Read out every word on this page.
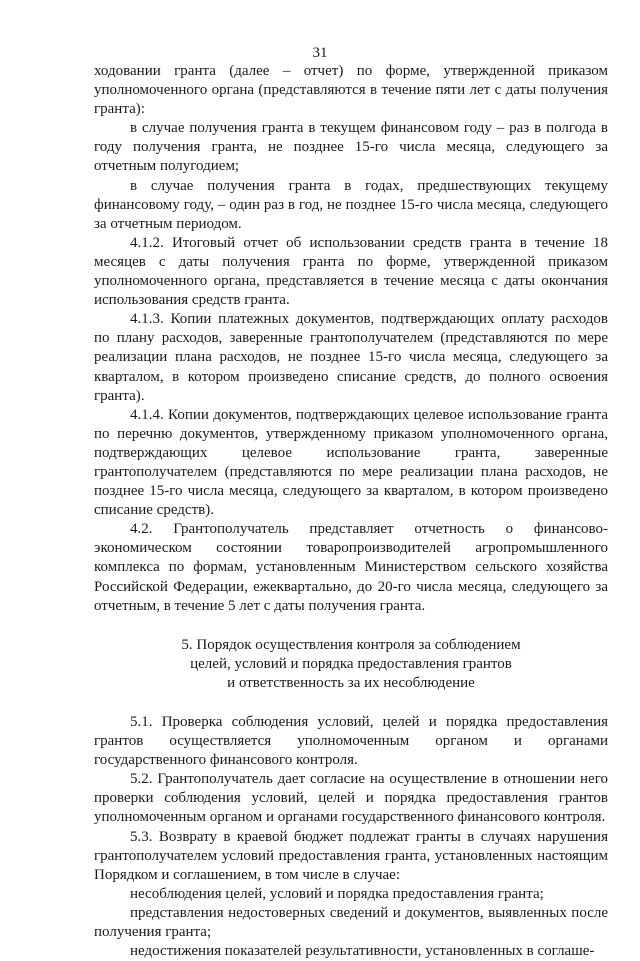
31

ходовании гранта (далее – отчет) по форме, утвержденной приказом уполномоченного органа (представляются в течение пяти лет с даты получения гранта):

в случае получения гранта в текущем финансовом году – раз в полгода в году получения гранта, не позднее 15-го числа месяца, следующего за отчетным полугодием;

в случае получения гранта в годах, предшествующих текущему финансовому году, – один раз в год, не позднее 15-го числа месяца, следующего за отчетным периодом.

4.1.2. Итоговый отчет об использовании средств гранта в течение 18 месяцев с даты получения гранта по форме, утвержденной приказом уполномоченного органа, представляется в течение месяца с даты окончания использования средств гранта.

4.1.3. Копии платежных документов, подтверждающих оплату расходов по плану расходов, заверенные грантополучателем (представляются по мере реализации плана расходов, не позднее 15-го числа месяца, следующего за кварталом, в котором произведено списание средств, до полного освоения гранта).

4.1.4. Копии документов, подтверждающих целевое использование гранта по перечню документов, утвержденному приказом уполномоченного органа, подтверждающих целевое использование гранта, заверенные грантополучателем (представляются по мере реализации плана расходов, не позднее 15-го числа месяца, следующего за кварталом, в котором произведено списание средств).

4.2. Грантополучатель представляет отчетность о финансово-экономическом состоянии товаропроизводителей агропромышленного комплекса по формам, установленным Министерством сельского хозяйства Российской Федерации, ежеквартально, до 20-го числа месяца, следующего за отчетным, в течение 5 лет с даты получения гранта.

5. Порядок осуществления контроля за соблюдением
целей, условий и порядка предоставления грантов
и ответственность за их несоблюдение

5.1. Проверка соблюдения условий, целей и порядка предоставления грантов осуществляется уполномоченным органом и органами государственного финансового контроля.

5.2. Грантополучатель дает согласие на осуществление в отношении него проверки соблюдения условий, целей и порядка предоставления грантов уполномоченным органом и органами государственного финансового контроля.

5.3. Возврату в краевой бюджет подлежат гранты в случаях нарушения грантополучателем условий предоставления гранта, установленных настоящим Порядком и соглашением, в том числе в случае:

несоблюдения целей, условий и порядка предоставления гранта;

представления недостоверных сведений и документов, выявленных после получения гранта;

недостижения показателей результативности, установленных в соглаше-
